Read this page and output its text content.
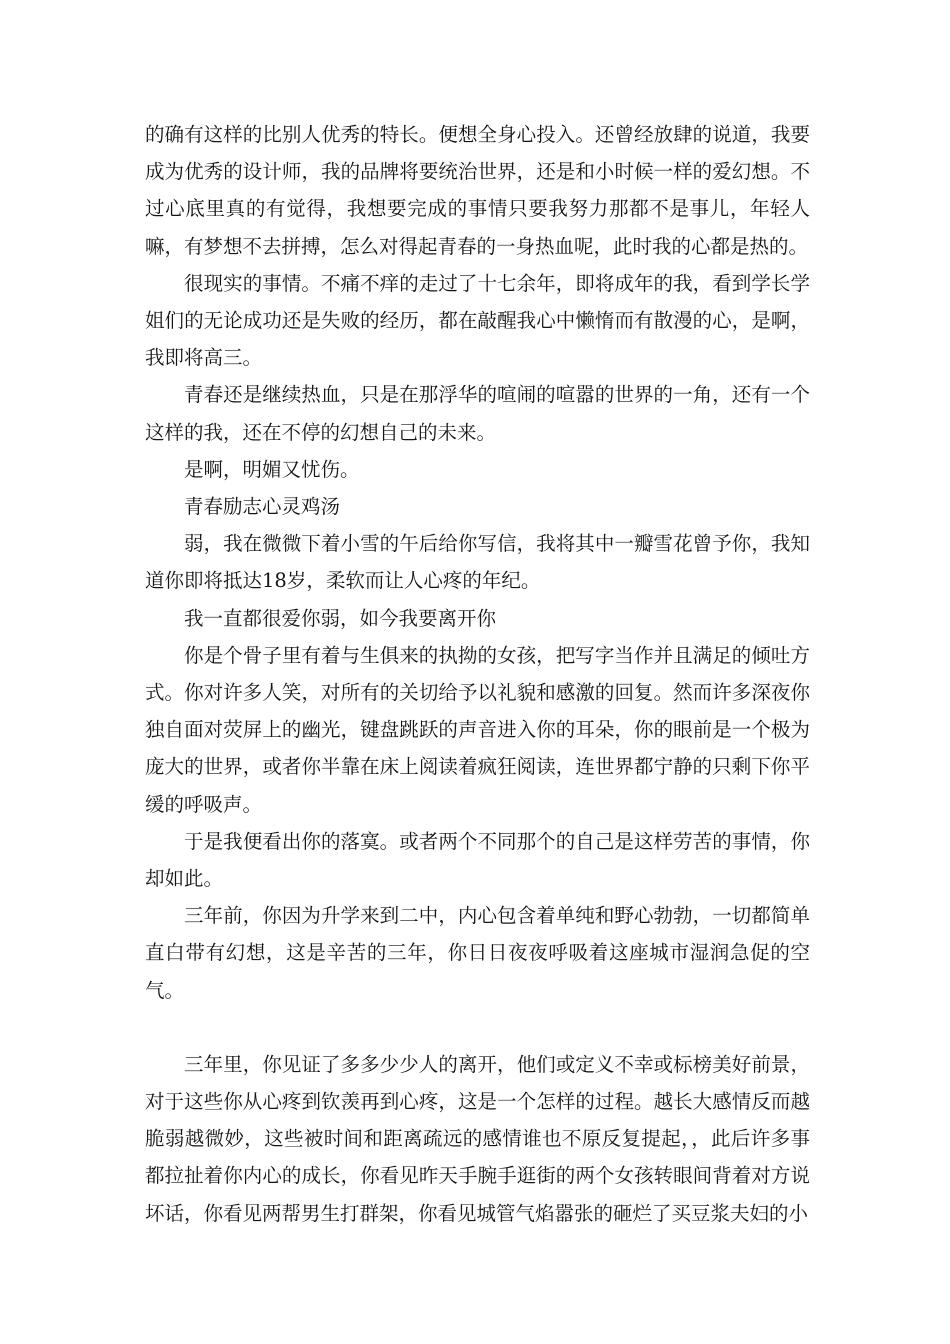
的确有这样的比别人优秀的特长。便想全身心投入。还曾经放肆的说道，我要成为优秀的设计师，我的品牌将要统治世界，还是和小时候一样的爱幻想。不过心底里真的有觉得，我想要完成的事情只要我努力那都不是事儿，年轻人嘛，有梦想不去拼搏，怎么对得起青春的一身热血呢，此时我的心都是热的。

很现实的事情。不痛不痒的走过了十七余年，即将成年的我，看到学长学姐们的无论成功还是失败的经历，都在敲醒我心中懒惰而有散漫的心，是啊，我即将高三。

青春还是继续热血，只是在那浮华的喧闹的喧嚣的世界的一角，还有一个这样的我，还在不停的幻想自己的未来。

是啊，明媚又忧伤。

青春励志心灵鸡汤

弱，我在微微下着小雪的午后给你写信，我将其中一瓣雪花曾予你，我知道你即将抵达18岁，柔软而让人心疼的年纪。

我一直都很爱你弱，如今我要离开你

你是个骨子里有着与生俱来的执拗的女孩，把写字当作并且满足的倾吐方式。你对许多人笑，对所有的关切给予以礼貌和感激的回复。然而许多深夜你独自面对荧屏上的幽光，键盘跳跃的声音进入你的耳朵，你的眼前是一个极为庞大的世界，或者你半靠在床上阅读着疯狂阅读，连世界都宁静的只剩下你平缓的呼吸声。

于是我便看出你的落寞。或者两个不同那个的自己是这样劳苦的事情，你却如此。

三年前，你因为升学来到二中，内心包含着单纯和野心勃勃，一切都简单直白带有幻想，这是辛苦的三年，你日日夜夜呼吸着这座城市湿润急促的空气。

三年里，你见证了多多少少人的离开，他们或定义不幸或标榜美好前景，对于这些你从心疼到钦羡再到心疼，这是一个怎样的过程。越长大感情反而越脆弱越微妙，这些被时间和距离疏远的感情谁也不原反复提起，，此后许多事都拉扯着你内心的成长，你看见昨天手腕手逛街的两个女孩转眼间背着对方说坏话，你看见两帮男生打群架，你看见城管气焰嚣张的砸烂了买豆浆夫妇的小
